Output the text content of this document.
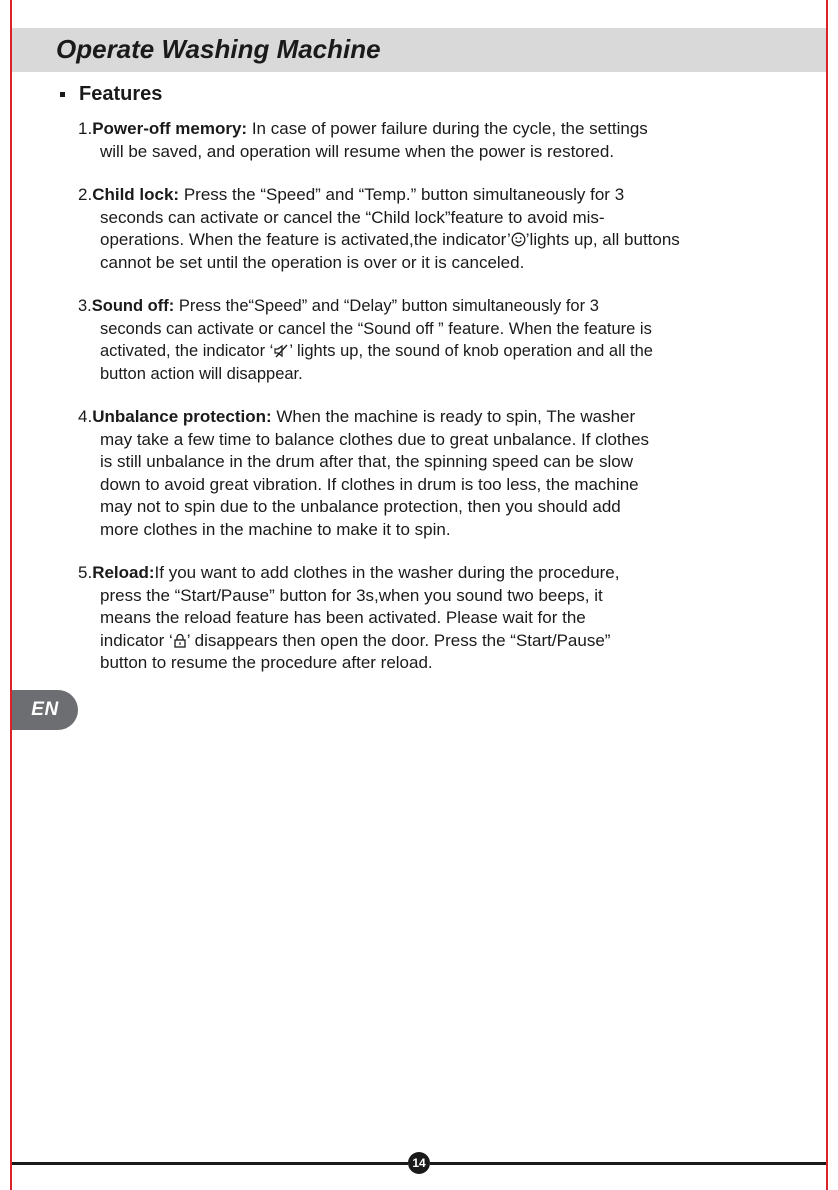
Operate Washing Machine
Features
1.Power-off memory: In case of power failure during the cycle, the settings
will be saved, and operation will resume when the power is restored.
2.Child lock: Press the “Speed” and “Temp.” button simultaneously for 3
seconds can activate or cancel the “Child lock”feature to avoid mis-
operations. When the feature is activated,the indicator’ ’lights up, all buttons
cannot be set until the operation is over or it is canceled.
3.Sound off: Press the“Speed” and “Delay” button simultaneously for 3
seconds can activate or cancel the “Sound off ” feature. When the feature is
activated, the indicator ‘ ’ lights up, the sound of knob operation and all the
button action will disappear.
4.Unbalance protection: When the machine is ready to spin, The washer
may take a few time to balance clothes due to great unbalance. If clothes
is still unbalance in the drum after that, the spinning speed can be slow
down to avoid great vibration. If clothes in drum is too less, the machine
may not to spin due to the unbalance protection, then you should add
more clothes in the machine to make it to spin.
5.Reload:If you want to add clothes in the washer during the procedure,
press the “Start/Pause” button for 3s,when you sound two beeps, it
means the reload feature has been activated. Please wait for the
indicator ‘ ’ disappears then open the door. Press the “Start/Pause”
button to resume the procedure after reload.
EN
14
